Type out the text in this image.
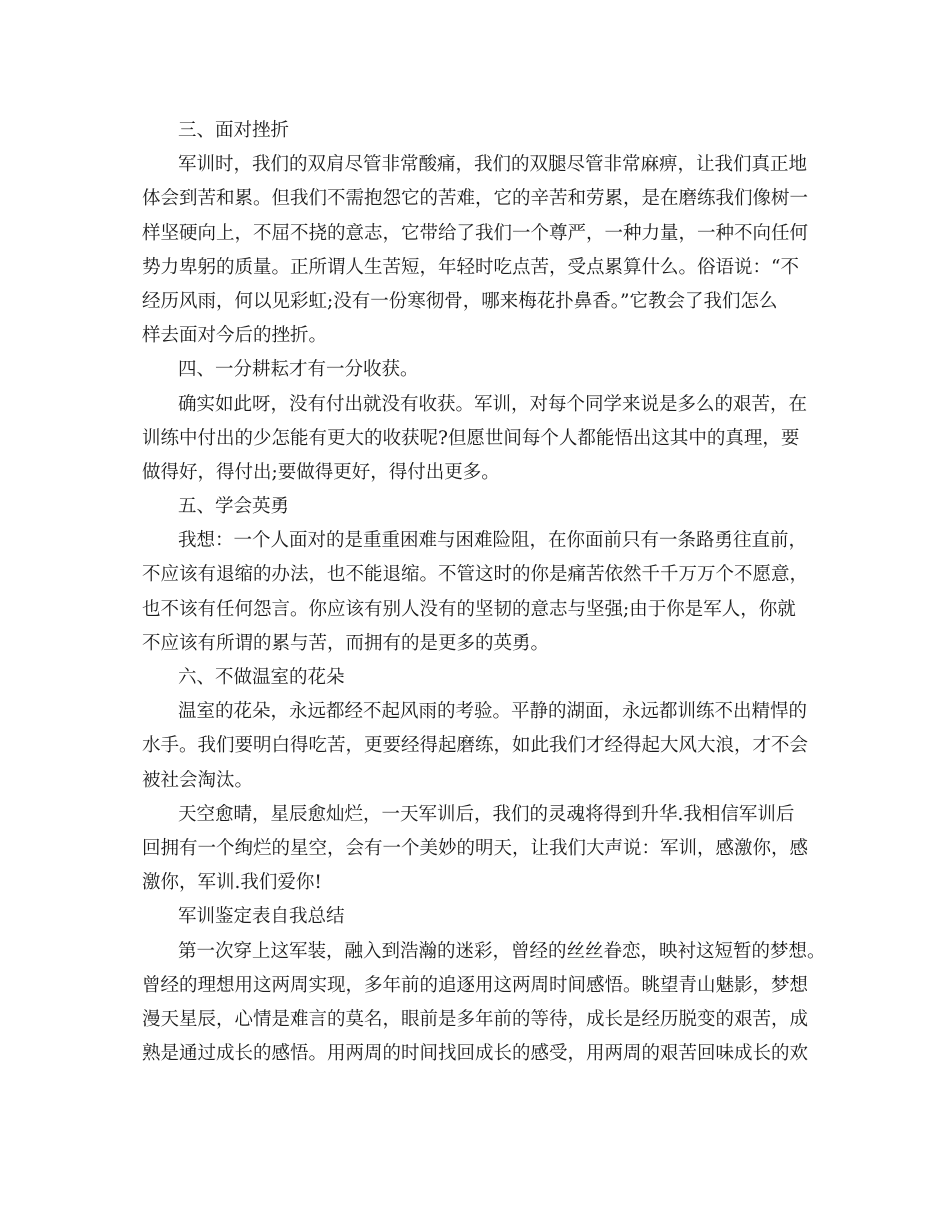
三、面对挫折
军训时，我们的双肩尽管非常酸痛，我们的双腿尽管非常麻痹，让我们真正地
体会到苦和累。但我们不需抱怨它的苦难，它的辛苦和劳累，是在磨练我们像树一
样坚硬向上，不屈不挠的意志，它带给了我们一个尊严，一种力量，一种不向任何
势力卑躬的质量。正所谓人生苦短，年轻时吃点苦，受点累算什么。俗语说：“不
经历风雨，何以见彩虹;没有一份寒彻骨，哪来梅花扑鼻香。”它教会了我们怎么
样去面对今后的挫折。
四、一分耕耘才有一分收获。
确实如此呀，没有付出就没有收获。军训，对每个同学来说是多么的艰苦，在
训练中付出的少怎能有更大的收获呢?但愿世间每个人都能悟出这其中的真理，要
做得好，得付出;要做得更好，得付出更多。
五、学会英勇
我想：一个人面对的是重重困难与困难险阻，在你面前只有一条路勇往直前，
不应该有退缩的办法，也不能退缩。不管这时的你是痛苦依然千千万万个不愿意，
也不该有任何怨言。你应该有别人没有的坚韧的意志与坚强;由于你是军人，你就
不应该有所谓的累与苦，而拥有的是更多的英勇。
六、不做温室的花朵
温室的花朵，永远都经不起风雨的考验。平静的湖面，永远都训练不出精悍的
水手。我们要明白得吃苦，更要经得起磨练，如此我们才经得起大风大浪，才不会
被社会淘汰。
天空愈晴，星辰愈灿烂，一天军训后，我们的灵魂将得到升华.我相信军训后
回拥有一个绚烂的星空，会有一个美妙的明天，让我们大声说：军训，感激你，感
激你，军训.我们爱你!
军训鉴定表自我总结
第一次穿上这军装，融入到浩瀚的迷彩，曾经的丝丝眷恋，映衬这短暂的梦想。
曾经的理想用这两周实现，多年前的追逐用这两周时间感悟。眺望青山魅影，梦想
漫天星辰，心情是难言的莫名，眼前是多年前的等待，成长是经历脱变的艰苦，成
熟是通过成长的感悟。用两周的时间找回成长的感受，用两周的艰苦回味成长的欢
